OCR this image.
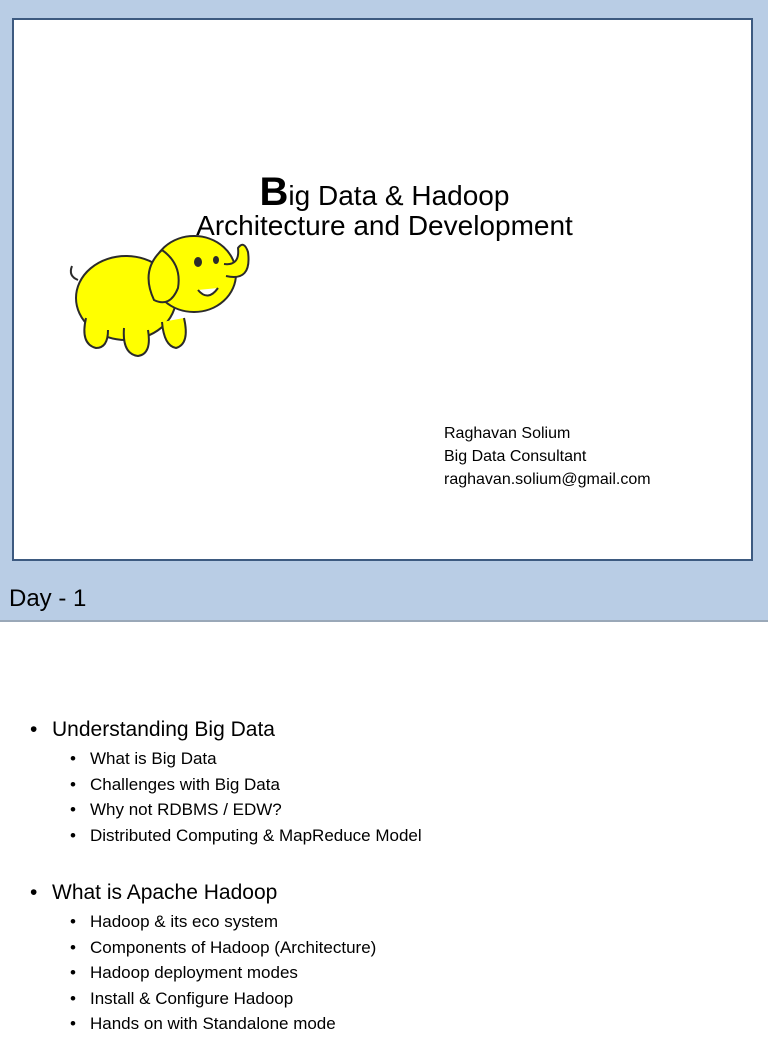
Big Data & Hadoop
Architecture and Development
Raghavan Solium
Big Data Consultant
raghavan.solium@gmail.com
Day - 1
• Understanding Big Data
• What is Big Data
• Challenges with Big Data
• Why not RDBMS / EDW?
• Distributed Computing & MapReduce Model
• What is Apache Hadoop
• Hadoop & its eco system
• Components of Hadoop (Architecture)
• Hadoop deployment modes
• Install & Configure Hadoop
• Hands on with Standalone mode
